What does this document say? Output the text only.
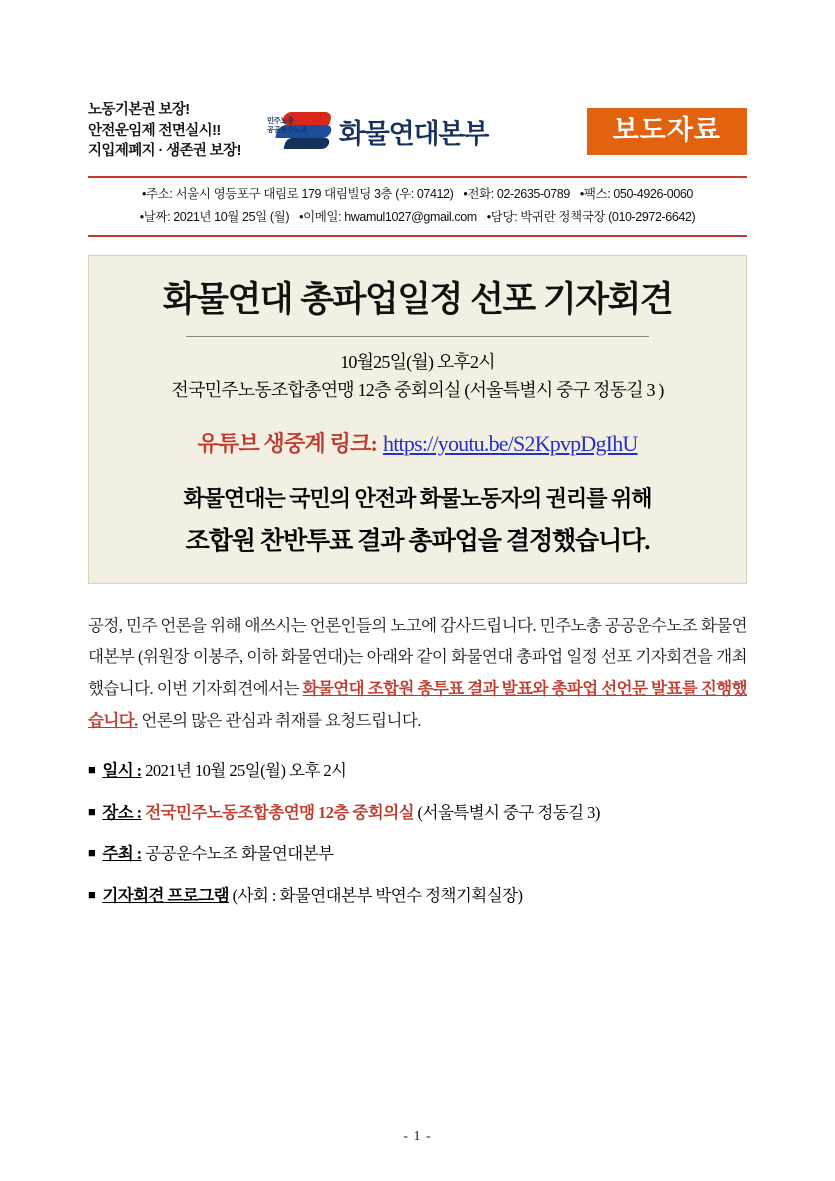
노동기본권 보장!
안전운임제 전면실시!!
지입제폐지 · 생존권 보장!
민주노총
공공운수노조 화물연대본부	보도자료
•주소: 서울시 영등포구 대림로 179 대림빌딩 3층 (우: 07412) •전화: 02-2635-0789 •팩스: 050-4926-0060
•날짜: 2021년 10월 25일 (월) •이메일: hwamul1027@gmail.com •담당: 박귀란 정책국장 (010-2972-6642)
화물연대 총파업일정 선포 기자회견
10월25일(월) 오후2시
전국민주노동조합총연맹 12층 중회의실 (서울특별시 중구 정동길 3 )
유튜브 생중계 링크: https://youtu.be/S2KpvpDgIhU
화물연대는 국민의 안전과 화물노동자의 권리를 위해
조합원 찬반투표 결과 총파업을 결정했습니다.
공정, 민주 언론을 위해 애쓰시는 언론인들의 노고에 감사드립니다. 민주노총 공공운수노조 화물연대본부 (위원장 이봉주, 이하 화물연대)는 아래와 같이 화물연대 총파업 일정 선포 기자회견을 개최했습니다. 이번 기자회견에서는 화물연대 조합원 총투표 결과 발표와 총파업 선언문 발표를 진행했습니다. 언론의 많은 관심과 취재를 요청드립니다.
■ 일시 : 2021년 10월 25일(월) 오후 2시
■ 장소 : 전국민주노동조합총연맹 12층 중회의실 (서울특별시 중구 정동길 3)
■ 주최 : 공공운수노조 화물연대본부
■ 기자회견 프로그램 (사회 : 화물연대본부 박연수 정책기획실장)
- 1 -
